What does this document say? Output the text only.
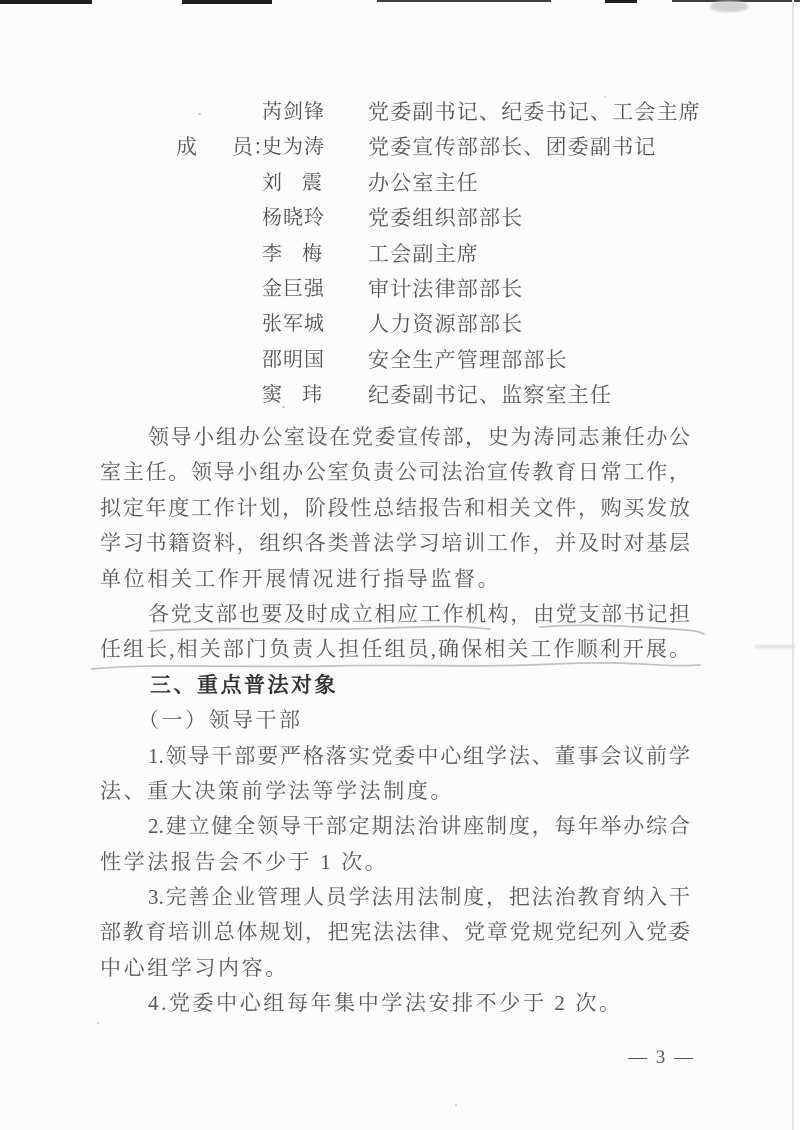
芮剑锋 党委副书记、纪委书记、工会主席
成 员：
史为涛 党委宣传部部长、团委副书记
刘震 办公室主任
杨晓玲 党委组织部部长
李梅 工会副主席
金巨强 审计法律部部长
张军城 人力资源部部长
邵明国 安全生产管理部部长
窦玮 纪委副书记、监察室主任
领导小组办公室设在党委宣传部，史为涛同志兼任办公
室主任。领导小组办公室负责公司法治宣传教育日常工作，
拟定年度工作计划，阶段性总结报告和相关文件，购买发放
学习书籍资料，组织各类普法学习培训工作，并及时对基层
单位相关工作开展情况进行指导监督。
各党支部也要及时成立相应工作机构，由党支部书记担
任组长,相关部门负责人担任组员,确保相关工作顺利开展。
三、重点普法对象
（一）领导干部
1.领导干部要严格落实党委中心组学法、董事会议前学
法、重大决策前学法等学法制度。
2.建立健全领导干部定期法治讲座制度，每年举办综合
性学法报告会不少于 1 次。
3.完善企业管理人员学法用法制度，把法治教育纳入干
部教育培训总体规划，把宪法法律、党章党规党纪列入党委
中心组学习内容。
4.党委中心组每年集中学法安排不少于 2 次。
— 3 —
